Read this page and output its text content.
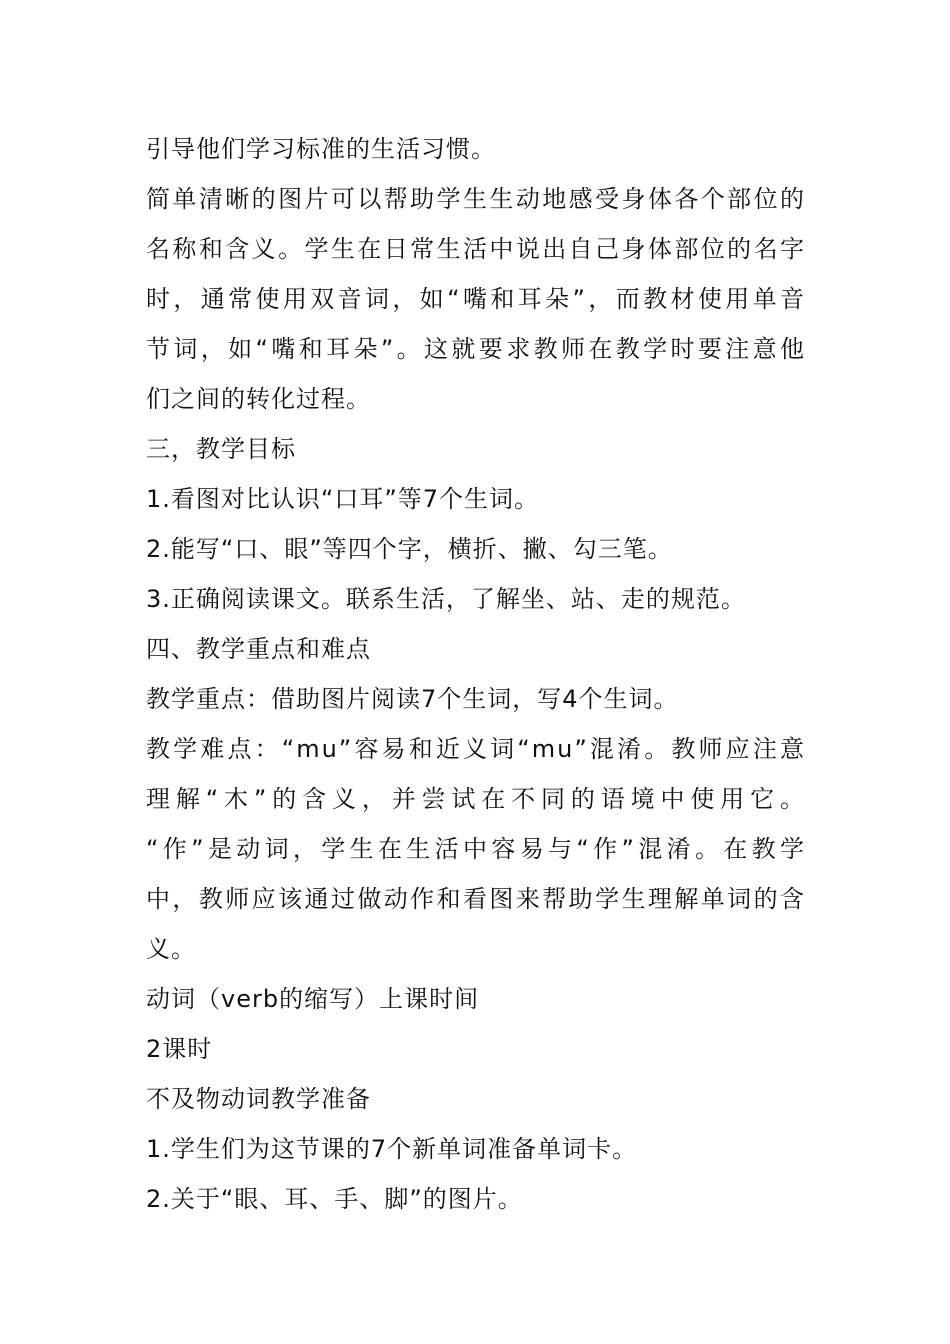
引导他们学习标准的生活习惯。
简单清晰的图片可以帮助学生生动地感受身体各个部位的
名称和含义。学生在日常生活中说出自己身体部位的名字
时，通常使用双音词，如“嘴和耳朵”，而教材使用单音
节词，如“嘴和耳朵”。这就要求教师在教学时要注意他
们之间的转化过程。
三，教学目标
1.看图对比认识“口耳”等7个生词。
2.能写“口、眼”等四个字，横折、撇、勾三笔。
3.正确阅读课文。联系生活，了解坐、站、走的规范。
四、教学重点和难点
教学重点：借助图片阅读7个生词，写4个生词。
教学难点：“mu”容易和近义词“mu”混淆。教师应注意
理解“木”的含义，并尝试在不同的语境中使用它。
“作”是动词，学生在生活中容易与“作”混淆。在教学
中，教师应该通过做动作和看图来帮助学生理解单词的含
义。
动词（verb的缩写）上课时间
2课时
不及物动词教学准备
1.学生们为这节课的7个新单词准备单词卡。
2.关于“眼、耳、手、脚”的图片。
